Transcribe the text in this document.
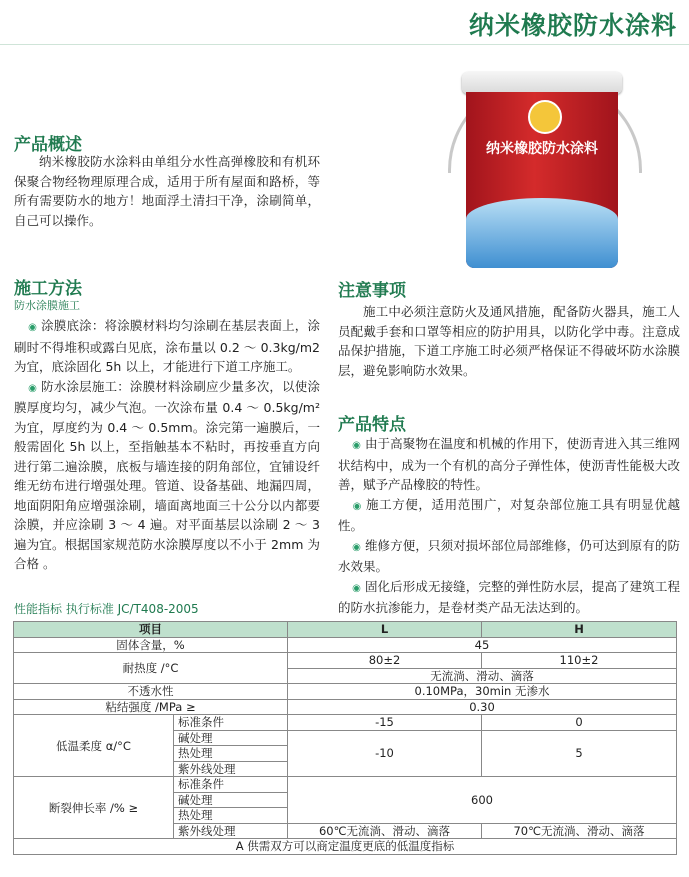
纳米橡胶防水涂料
纳米橡胶防水涂料
产品概述
纳米橡胶防水涂料由单组分水性高弹橡胶和有机环保聚合物经物理原理合成，适用于所有屋面和路桥，等所有需要防水的地方！地面浮土清扫干净，涂刷简单，自己可以操作。
施工方法
防水涂膜施工

◉ 涂膜底涂：将涂膜材料均匀涂刷在基层表面上，涂刷时不得堆积或露白见底，涂布量以 0.2 ～ 0.3kg/m2 为宜，底涂固化 5h 以上，才能进行下道工序施工。

◉ 防水涂层施工：涂膜材料涂刷应少量多次，以使涂膜厚度均匀，减少气泡。一次涂布量 0.4 ～ 0.5kg/m² 为宜，厚度约为 0.4 ～ 0.5mm。涂完第一遍膜后，一般需固化 5h 以上，至指触基本不粘时，再按垂直方向进行第二遍涂膜，底板与墙连接的阴角部位，宜铺设纤维无纺布进行增强处理。管道、设备基础、地漏四周，地面阴阳角应增强涂刷，墙面离地面三十公分以内都要涂膜，并应涂刷 3 ～ 4 遍。对平面基层以涂刷 2 ～ 3 遍为宜。根据国家规范防水涂膜厚度以不小于 2mm 为合格 。

注意事项
施工中必须注意防火及通风措施，配备防火器具，施工人员配戴手套和口罩等相应的防护用具，以防化学中毒。注意成品保护措施，下道工序施工时必须严格保证不得破坏防水涂膜层，避免影响防水效果。
产品特点

◉ 由于高聚物在温度和机械的作用下，使沥青进入其三维网状结构中，成为一个有机的高分子弹性体，使沥青性能极大改善，赋予产品橡胶的特性。

◉ 施工方便，适用范围广，对复杂部位施工具有明显优越性。

◉ 维修方便，只须对损坏部位局部维修，仍可达到原有的防水效果。

◉ 固化后形成无接缝，完整的弹性防水层，提高了建筑工程的防水抗渗能力，是卷材类产品无法达到的。

性能指标 执行标准 JC/T408-2005
项目		L	H
固体含量，%		45	
耐热度 /°C		80±2	110±2
		无流淌、滑动、滴落	
不透水性		0.10MPa，30min 无渗水	
粘结强度 /MPa ≥		0.30	
低温柔度 α/°C	标准条件	-15	0
	碱处理	-10	5
	热处理		
	紫外线处理		
断裂伸长率 /% ≥	标准条件	600	
	碱处理		
	热处理		
	紫外线处理	60℃无流淌、滑动、滴落	70℃无流淌、滑动、滴落
A 供需双方可以商定温度更底的低温度指标			
